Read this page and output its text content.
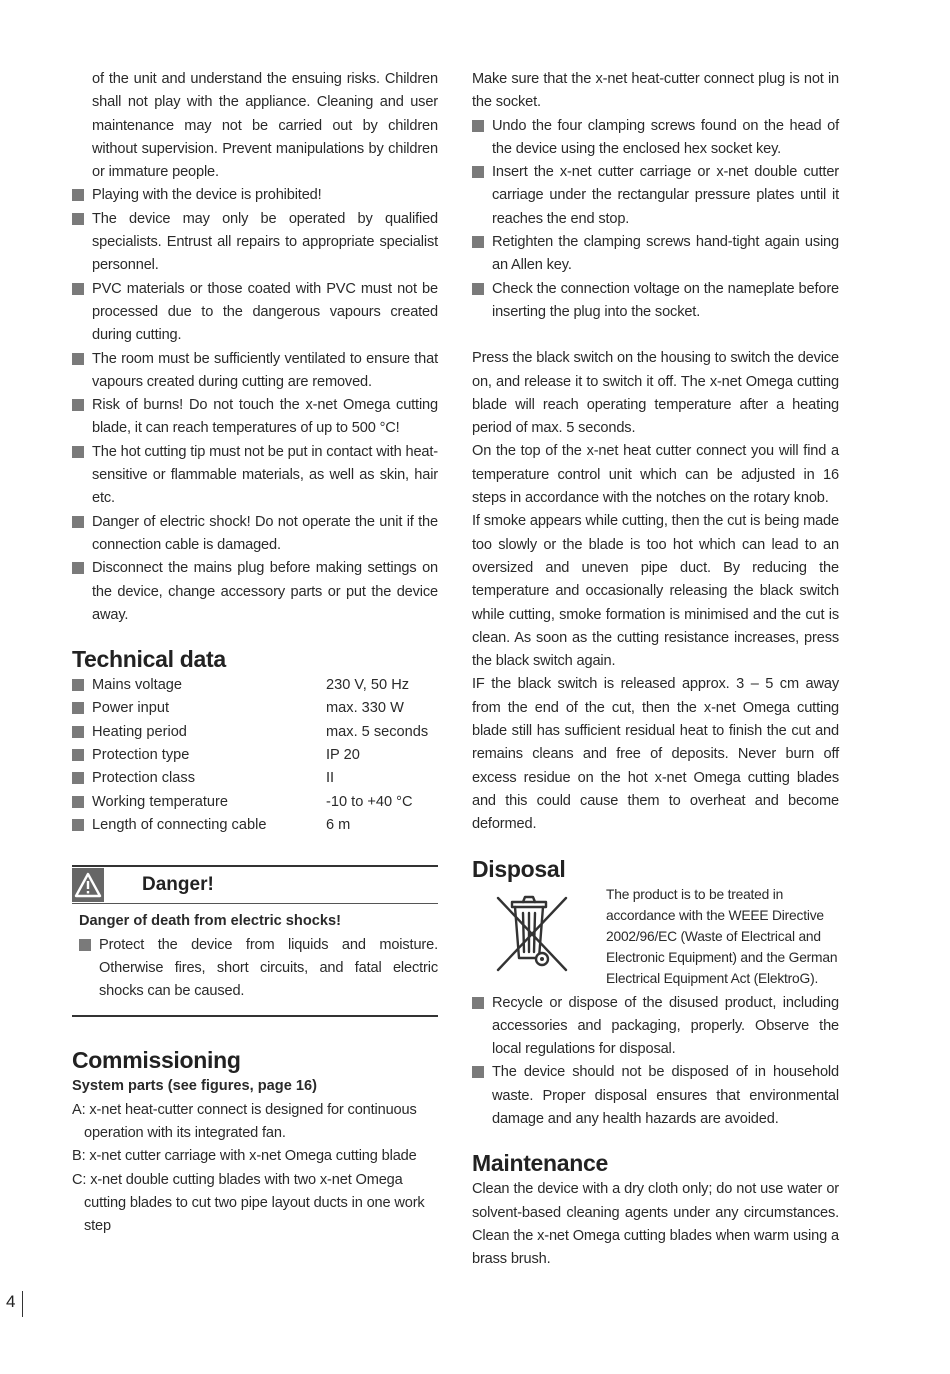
of the unit and understand the ensuing risks. Children shall not play with the appliance. Cleaning and user maintenance may not be carried out by children without supervision. Prevent manipulations by children or immature people.

Playing with the device is prohibited!
The device may only be operated by qualified specialists. Entrust all repairs to appropriate specialist personnel.
PVC materials or those coated with PVC must not be processed due to the dangerous vapours created during cutting.
The room must be sufficiently ventilated to ensure that vapours created during cutting are removed.
Risk of burns! Do not touch the x-net Omega cutting blade, it can reach temperatures of up to 500 °C!
The hot cutting tip must not be put in contact with heat-sensitive or flammable materials, as well as skin, hair etc.
Danger of electric shock! Do not operate the unit if the connection cable is damaged.
Disconnect the mains plug before making settings on the device, change accessory parts or put the device away.
Technical data
Mains voltage	230 V, 50 Hz
Power input	max. 330 W
Heating period	max. 5 seconds
Protection type	IP 20
Protection class	II
Working temperature	-10 to +40 °C
Length of connecting cable	6 m
Danger!
Danger of death from electric shocks!
Protect the device from liquids and moisture. Otherwise fires, short circuits, and fatal electric shocks can be caused.
Commissioning
System parts (see figures, page 16)
A: x-net heat-cutter connect is designed for continuous operation with its integrated fan.
B: x-net cutter carriage with x-net Omega cutting blade
C: x-net double cutting blades with two x-net Omega cutting blades to cut two pipe layout ducts in one work step

Make sure that the x-net heat-cutter connect plug is not in the socket.

Undo the four clamping screws found on the head of the device using the enclosed hex socket key.
Insert the x-net cutter carriage or x-net double cutter carriage under the rectangular pressure plates until it reaches the end stop.
Retighten the clamping screws hand-tight again using an Allen key.
Check the connection voltage on the nameplate before inserting the plug into the socket.

Press the black switch on the housing to switch the device on, and release it to switch it off. The x-net Omega cutting blade will reach operating temperature after a heating period of max. 5 seconds.

On the top of the x-net heat cutter connect you will find a temperature control unit which can be adjusted in 16 steps in accordance with the notches on the rotary knob.

If smoke appears while cutting, then the cut is being made too slowly or the blade is too hot which can lead to an oversized and uneven pipe duct. By reducing the temperature and occasionally releasing the black switch while cutting, smoke formation is minimised and the cut is clean. As soon as the cutting resistance increases, press the black switch again.

IF the black switch is released approx. 3 – 5 cm away from the end of the cut, then the x-net Omega cutting blade still has sufficient residual heat to finish the cut and remains cleans and free of deposits. Never burn off excess residue on the hot x-net Omega cutting blades and this could cause them to overheat and become deformed.

Disposal
The product is to be treated in accordance with the WEEE Directive 2002/96/EC (Waste of Electrical and Electronic Equipment) and the German Electrical Equipment Act (ElektroG).
Recycle or dispose of the disused product, including accessories and packaging, properly. Observe the local regulations for disposal.
The device should not be disposed of in household waste. Proper disposal ensures that environmental damage and any health hazards are avoided.
Maintenance

Clean the device with a dry cloth only; do not use water or solvent-based cleaning agents under any circumstances. Clean the x-net Omega cutting blades when warm using a brass brush.

4
